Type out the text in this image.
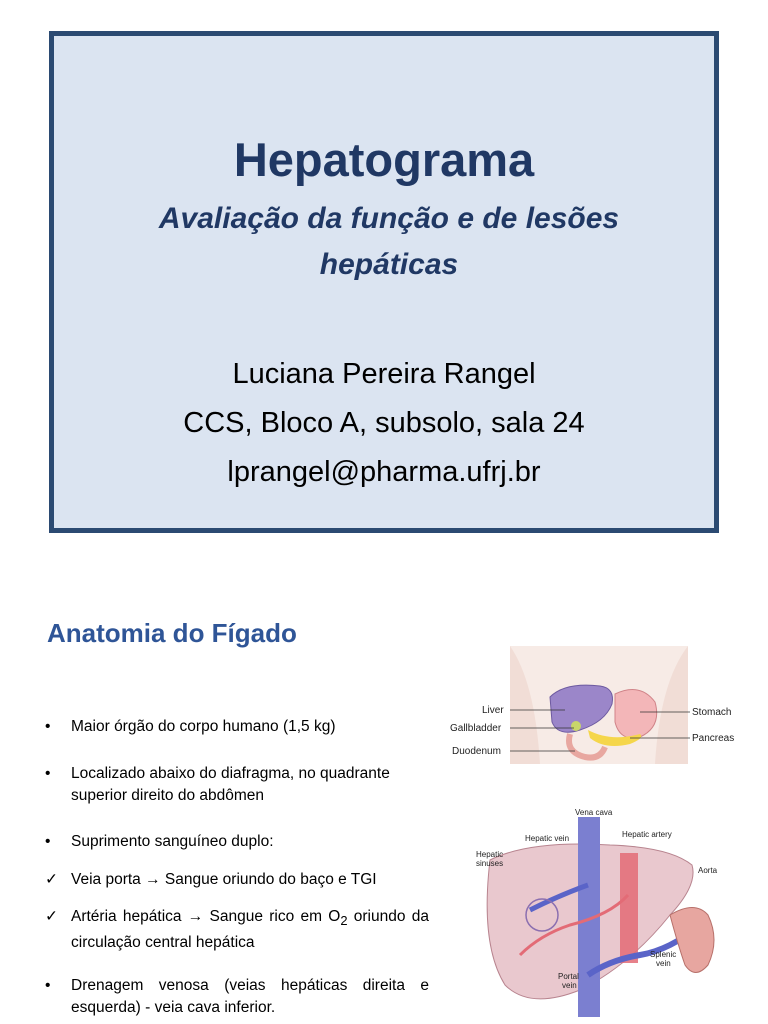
Hepatograma
Avaliação da função e de lesões
hepáticas
Luciana Pereira Rangel
CCS, Bloco A, subsolo, sala 24
lprangel@pharma.ufrj.br
Anatomia do Fígado
•	Maior órgão do corpo humano (1,5 kg)
•	Localizado abaixo do diafragma, no quadrante superior direito do abdômen
•	Suprimento sanguíneo duplo:
✓ Veia porta → Sangue oriundo do baço e TGI
✓ Artéria hepática → Sangue rico em $O_2$ oriundo da circulação central hepática
•	Drenagem venosa (veias hepáticas direita e esquerda) - veia cava inferior.
Liver
Gallbladder
Duodenum
Stomach
Pancreas
Vena cava
Hepatic vein	Hepatic artery
Hepatic
sinuses
Aorta
Splenic
vein
Portal
vein
